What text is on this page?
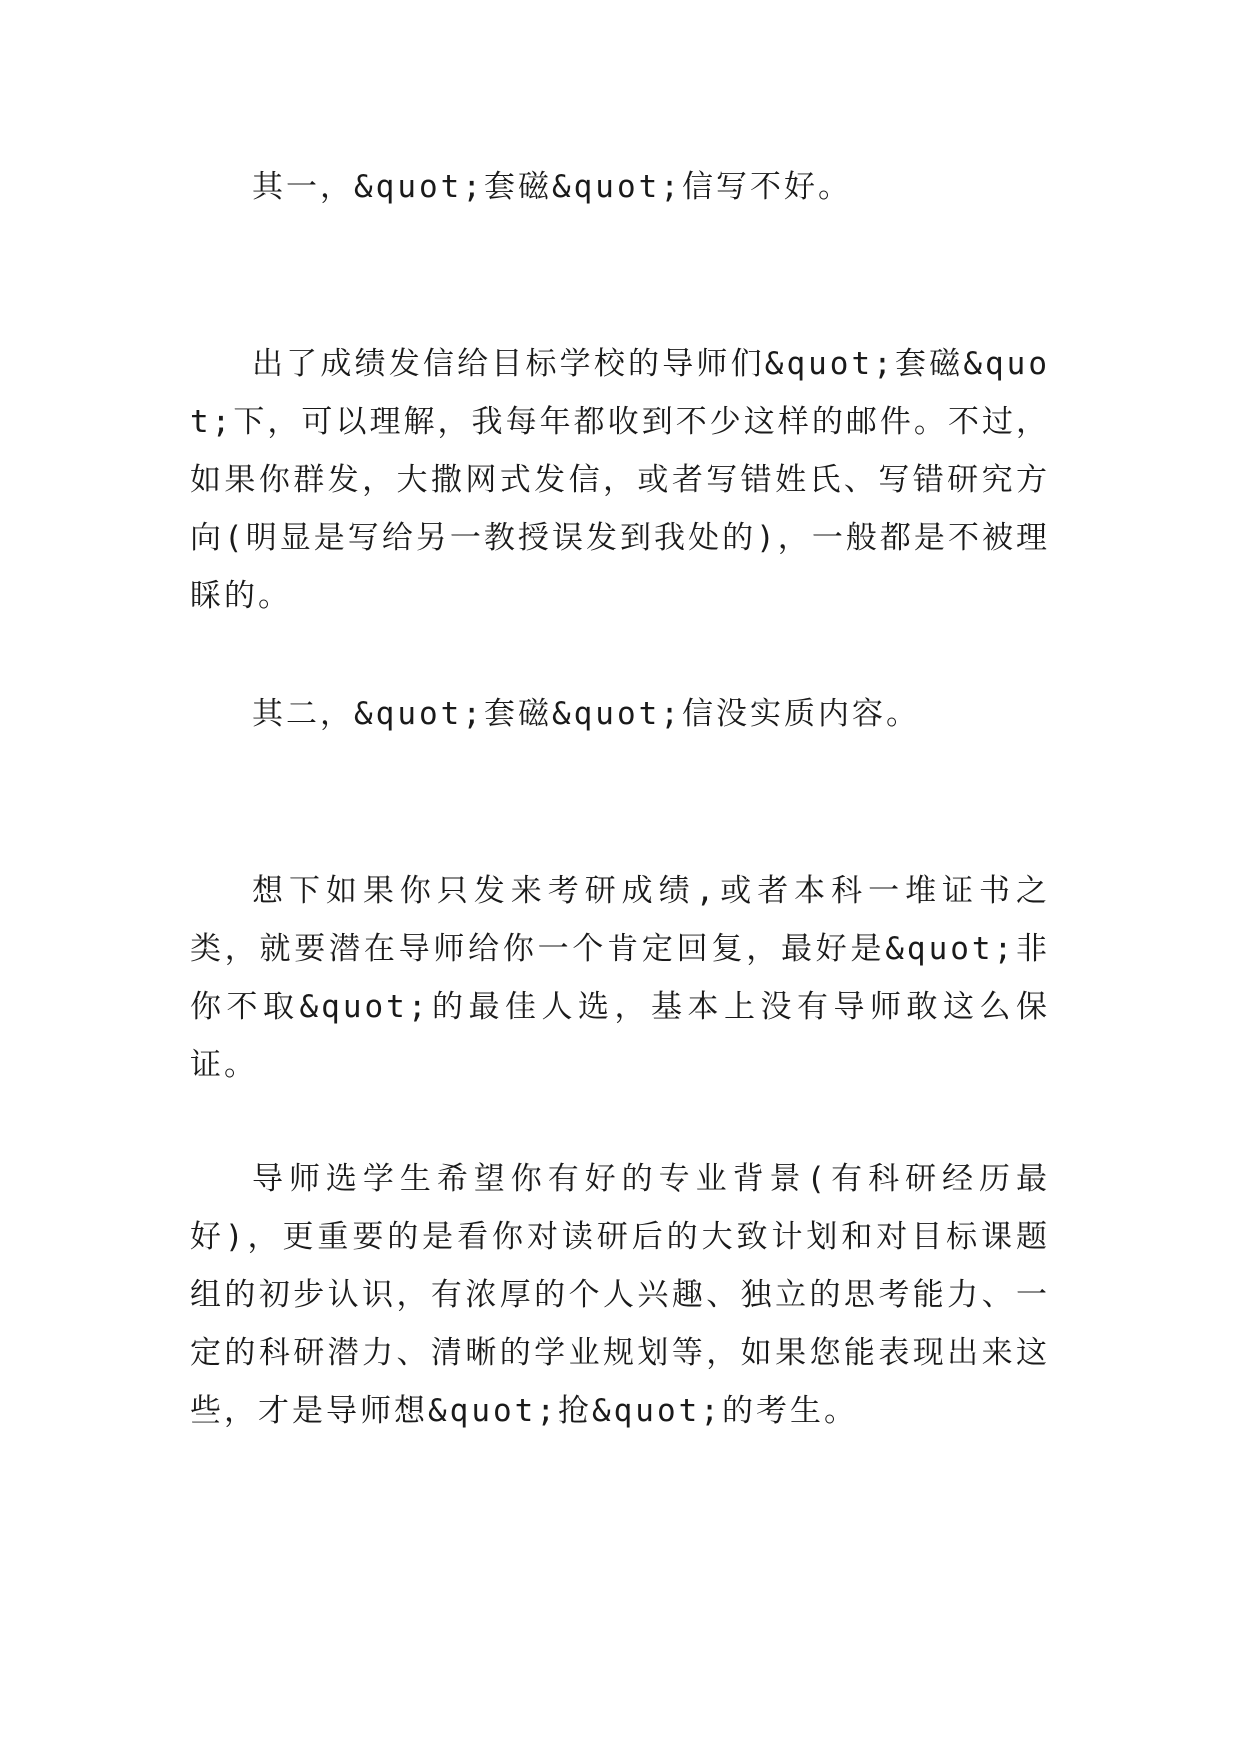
其一，&quot;套磁&quot;信写不好。

出了成绩发信给目标学校的导师们&quot;套磁&quot;下，可以理解，我每年都收到不少这样的邮件。不过，如果你群发，大撒网式发信，或者写错姓氏、写错研究方向(明显是写给另一教授误发到我处的)，一般都是不被理睬的。

其二，&quot;套磁&quot;信没实质内容。

想下如果你只发来考研成绩,或者本科一堆证书之类，就要潜在导师给你一个肯定回复，最好是&quot;非你不取&quot;的最佳人选，基本上没有导师敢这么保证。

导师选学生希望你有好的专业背景(有科研经历最好)，更重要的是看你对读研后的大致计划和对目标课题组的初步认识，有浓厚的个人兴趣、独立的思考能力、一定的科研潜力、清晰的学业规划等，如果您能表现出来这些，才是导师想&quot;抢&quot;的考生。
